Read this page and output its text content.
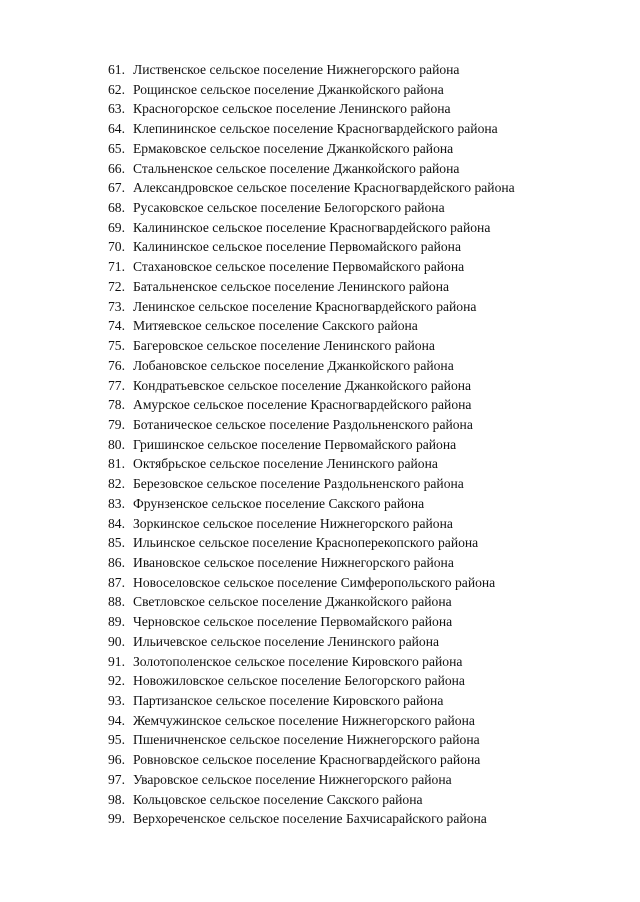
61. Лиственское сельское поселение Нижнегорского района
62. Рощинское сельское поселение Джанкойского района
63. Красногорское сельское поселение Ленинского района
64. Клепининское сельское поселение Красногвардейского района
65. Ермаковское сельское поселение Джанкойского района
66. Стальненское сельское поселение Джанкойского района
67. Александровское сельское поселение Красногвардейского района
68. Русаковское сельское поселение Белогорского района
69. Калининское сельское поселение Красногвардейского района
70. Калининское сельское поселение Первомайского района
71. Стахановское сельское поселение Первомайского района
72. Батальненское сельское поселение Ленинского района
73. Ленинское сельское поселение Красногвардейского района
74. Митяевское сельское поселение Сакского района
75. Багеровское сельское поселение Ленинского района
76. Лобановское сельское поселение Джанкойского района
77. Кондратьевское сельское поселение Джанкойского района
78. Амурское сельское поселение Красногвардейского района
79. Ботаническое сельское поселение Раздольненского района
80. Гришинское сельское поселение Первомайского района
81. Октябрьское сельское поселение Ленинского района
82. Березовское сельское поселение Раздольненского района
83. Фрунзенское сельское поселение Сакского района
84. Зоркинское сельское поселение Нижнегорского района
85. Ильинское сельское поселение Красноперекопского района
86. Ивановское сельское поселение Нижнегорского района
87. Новоселовское сельское поселение Симферопольского района
88. Светловское сельское поселение Джанкойского района
89. Черновское сельское поселение Первомайского района
90. Ильичевское сельское поселение Ленинского района
91. Золотополенское сельское поселение Кировского района
92. Новожиловское сельское поселение Белогорского района
93. Партизанское сельское поселение Кировского района
94. Жемчужинское сельское поселение Нижнегорского района
95. Пшеничненское сельское поселение Нижнегорского района
96. Ровновское сельское поселение Красногвардейского района
97. Уваровское сельское поселение Нижнегорского района
98. Кольцовское сельское поселение Сакского района
99. Верхореченское сельское поселение Бахчисарайского района
